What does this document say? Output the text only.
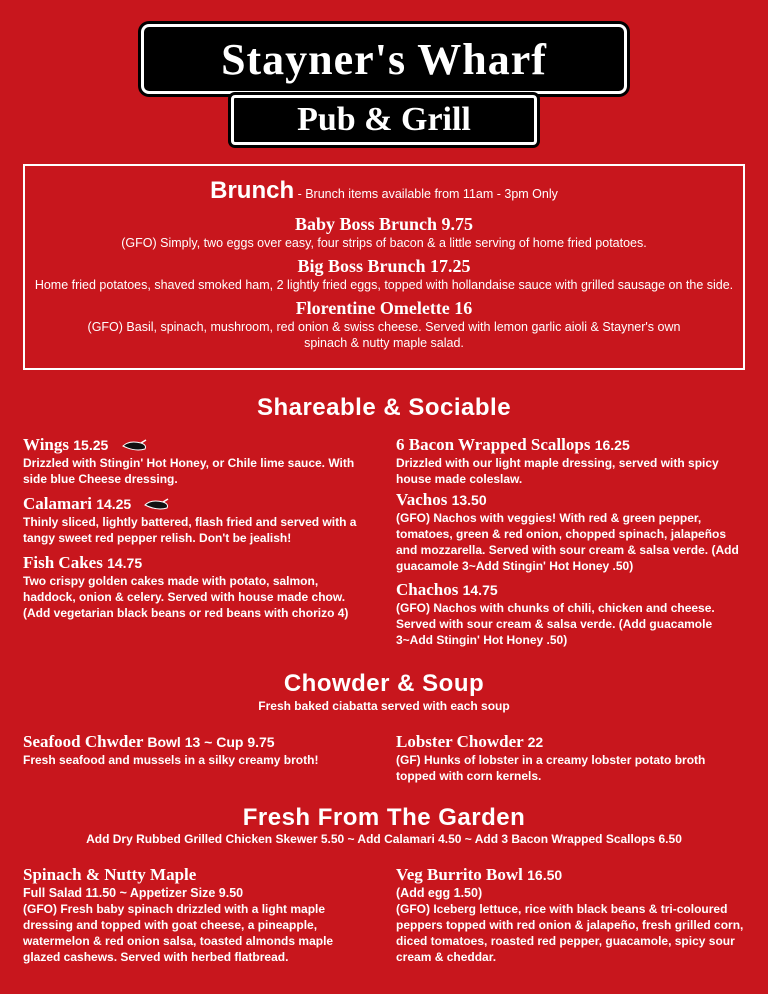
Stayner's Wharf
Pub & Grill
Brunch - Brunch items available from 11am - 3pm Only
Baby Boss Brunch 9.75
(GFO) Simply, two eggs over easy, four strips of bacon & a little serving of home fried potatoes.
Big Boss Brunch 17.25
Home fried potatoes, shaved smoked ham, 2 lightly fried eggs, topped with hollandaise sauce with grilled sausage on the side.
Florentine Omelette 16
(GFO) Basil, spinach, mushroom, red onion & swiss cheese. Served with lemon garlic aioli & Stayner's own spinach & nutty maple salad.
Shareable & Sociable
Wings 15.25
Drizzled with Stingin' Hot Honey, or Chile lime sauce. With side blue Cheese dressing.
Calamari 14.25
Thinly sliced, lightly battered, flash fried and served with a tangy sweet red pepper relish. Don't be jealish!
Fish Cakes 14.75
Two crispy golden cakes made with potato, salmon, haddock, onion & celery. Served with house made chow. (Add vegetarian black beans or red beans with chorizo 4)
6 Bacon Wrapped Scallops 16.25
Drizzled with our light maple dressing, served with spicy house made coleslaw.
Vachos 13.50
(GFO) Nachos with veggies! With red & green pepper, tomatoes, green & red onion, chopped spinach, jalapeños and mozzarella. Served with sour cream & salsa verde. (Add guacamole 3~Add Stingin' Hot Honey .50)
Chachos 14.75
(GFO) Nachos with chunks of chili, chicken and cheese. Served with sour cream & salsa verde. (Add guacamole 3~Add Stingin' Hot Honey .50)
Chowder & Soup
Fresh baked ciabatta served with each soup
Seafood Chwder Bowl 13 ~ Cup 9.75
Fresh seafood and mussels in a silky creamy broth!
Lobster Chowder 22
(GF) Hunks of lobster in a creamy lobster potato broth topped with corn kernels.
Fresh From The Garden
Add Dry Rubbed Grilled Chicken Skewer 5.50 ~ Add Calamari 4.50 ~ Add 3 Bacon Wrapped Scallops 6.50
Spinach & Nutty Maple
Full Salad 11.50 ~ Appetizer Size 9.50
(GFO) Fresh baby spinach drizzled with a light maple dressing and topped with goat cheese, a pineapple, watermelon & red onion salsa, toasted almonds maple glazed cashews. Served with herbed flatbread.
Veg Burrito Bowl 16.50
(Add egg 1.50)
(GFO) Iceberg lettuce, rice with black beans & tri-coloured peppers topped with red onion & jalapeño, fresh grilled corn, diced tomatoes, roasted red pepper, guacamole, spicy sour cream & cheddar.
